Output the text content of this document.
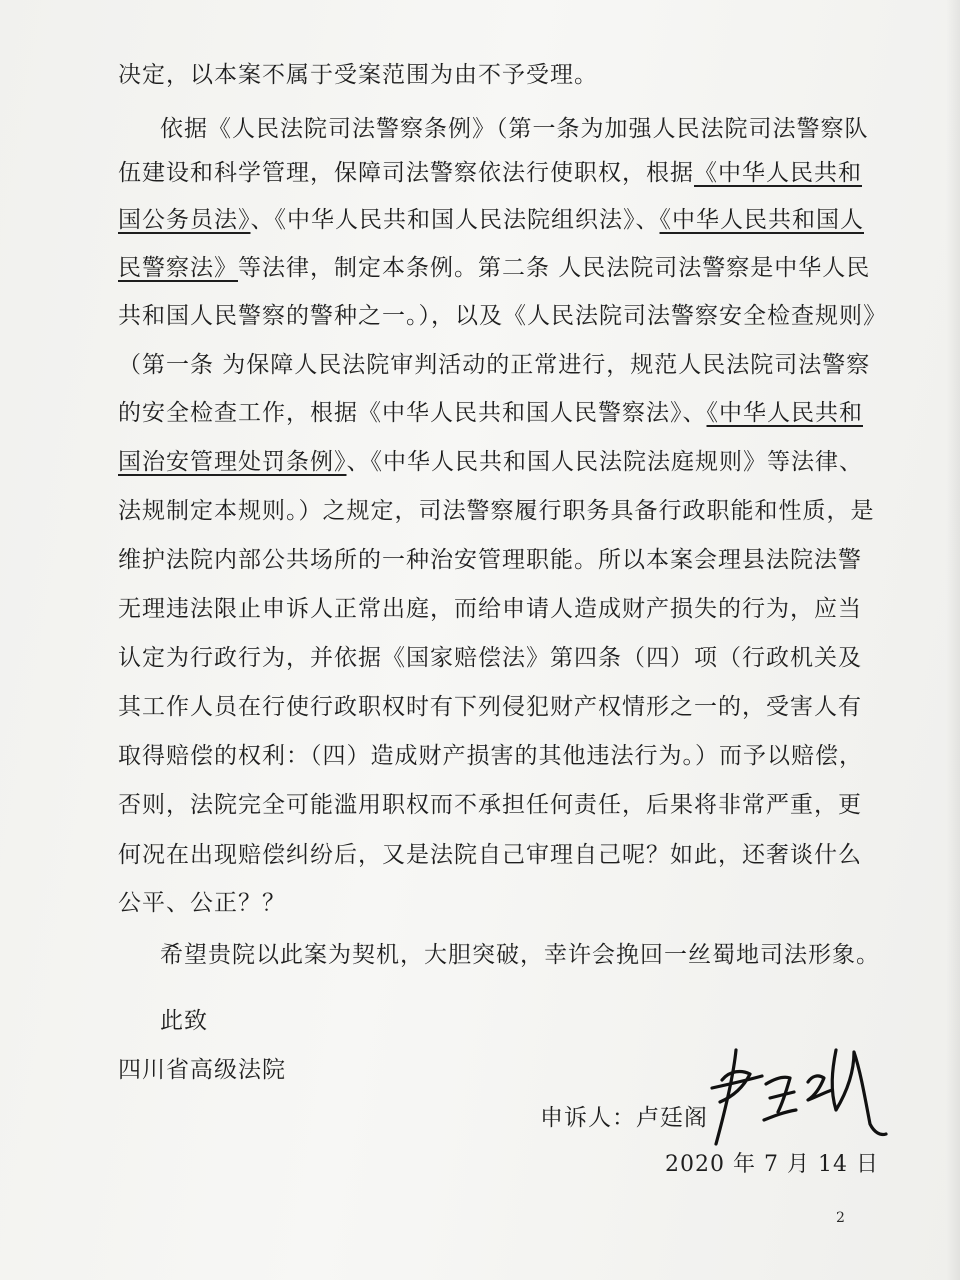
决定，以本案不属于受案范围为由不予受理。
依据《人民法院司法警察条例》（第一条为加强人民法院司法警察队
伍建设和科学管理，保障司法警察依法行使职权，根据《中华人民共和
国公务员法》、《中华人民共和国人民法院组织法》、《中华人民共和国人
民警察法》等法律，制定本条例。第二条 人民法院司法警察是中华人民
共和国人民警察的警种之一。），以及《人民法院司法警察安全检查规则》
（第一条 为保障人民法院审判活动的正常进行，规范人民法院司法警察
的安全检查工作，根据《中华人民共和国人民警察法》、《中华人民共和
国治安管理处罚条例》、《中华人民共和国人民法院法庭规则》等法律、
法规制定本规则。）之规定，司法警察履行职务具备行政职能和性质，是
维护法院内部公共场所的一种治安管理职能。所以本案会理县法院法警
无理违法限止申诉人正常出庭，而给申请人造成财产损失的行为，应当
认定为行政行为，并依据《国家赔偿法》第四条（四）项（行政机关及
其工作人员在行使行政职权时有下列侵犯财产权情形之一的，受害人有
取得赔偿的权利：（四）造成财产损害的其他违法行为。）而予以赔偿，
否则，法院完全可能滥用职权而不承担任何责任，后果将非常严重，更
何况在出现赔偿纠纷后，又是法院自己审理自己呢？如此，还奢谈什么
公平、公正？？
希望贵院以此案为契机，大胆突破，幸许会挽回一丝蜀地司法形象。
此致
四川省高级法院
申诉人：卢廷阁
2020 年 7 月 14 日
2
